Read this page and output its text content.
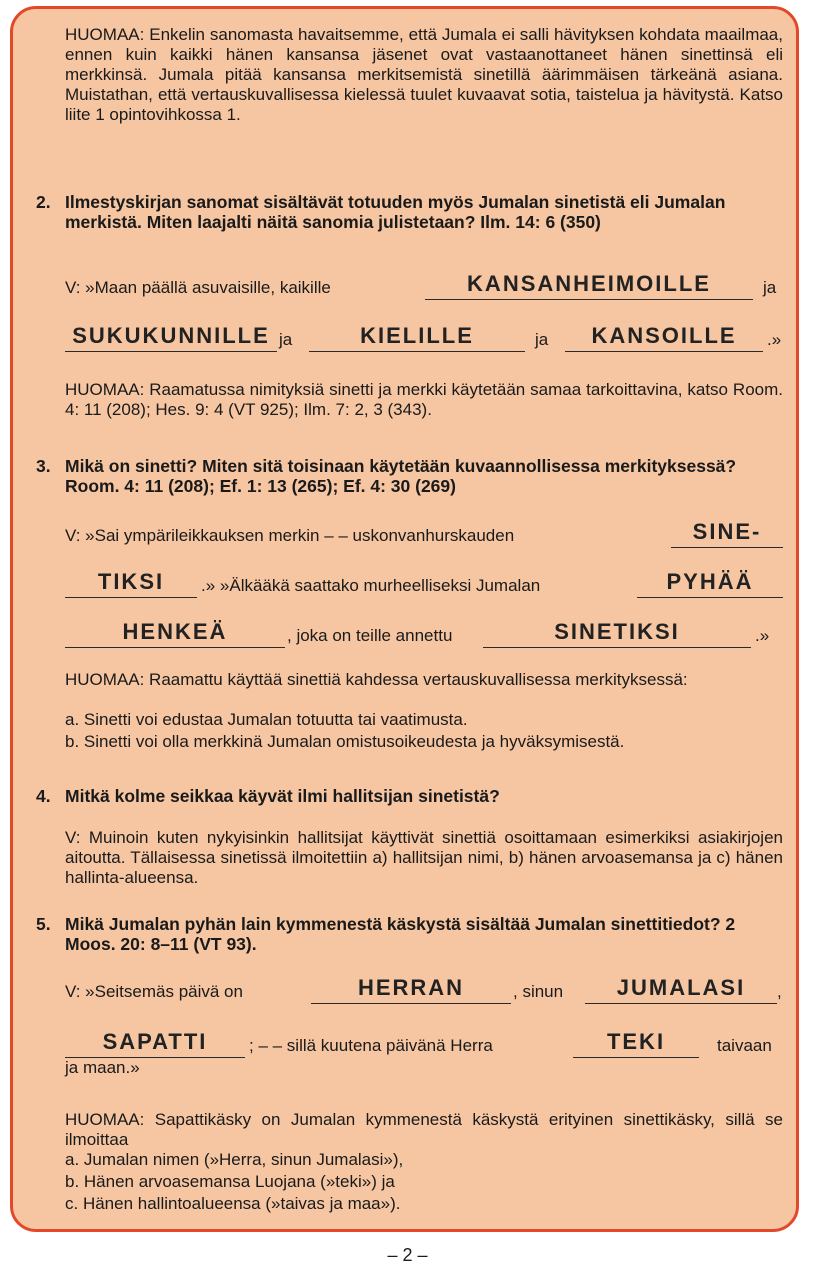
HUOMAA: Enkelin sanomasta havaitsemme, että Jumala ei salli hävityksen kohdata maailmaa, ennen kuin kaikki hänen kansansa jäsenet ovat vastaanottaneet hänen sinettinsä eli merkkinsä. Jumala pitää kansansa merkitsemistä sinetillä äärimmäisen tärkeänä asiana. Muistathan, että vertauskuvallisessa kielessä tuulet kuvaavat sotia, taistelua ja hävitystä. Katso liite 1 opintovihkossa 1.
2. Ilmestyskirjan sanomat sisältävät totuuden myös Jumalan sinetistä eli Jumalan merkistä. Miten laajalti näitä sanomia julistetaan? Ilm. 14: 6 (350)
V: »Maan päällä asuvaisille, kaikille	KANSANHEIMOILLE	ja
SUKUKUNNILLE ja	KIELILLE	ja	KANSOILLE	.»
HUOMAA: Raamatussa nimityksiä sinetti ja merkki käytetään samaa tarkoittavina, katso Room. 4: 11 (208); Hes. 9: 4 (VT 925); Ilm. 7: 2, 3 (343).
3. Mikä on sinetti? Miten sitä toisinaan käytetään kuvaannollisessa merkityksessä? Room. 4: 11 (208); Ef. 1: 13 (265); Ef. 4: 30 (269)
V: »Sai ympärileikkauksen merkin – – uskonvanhurskauden	SINE-
TIKSI	.» »Älkääkä saattako murheelliseksi Jumalan	PYHÄÄ
HENKEÄ	, joka on teille annettu	SINETIKSI	.»
HUOMAA: Raamattu käyttää sinettiä kahdessa vertauskuvallisessa merkityksessä:
a. Sinetti voi edustaa Jumalan totuutta tai vaatimusta.
b. Sinetti voi olla merkkinä Jumalan omistusoikeudesta ja hyväksymisestä.
4. Mitkä kolme seikkaa käyvät ilmi hallitsijan sinetistä?
V: Muinoin kuten nykyisinkin hallitsijat käyttivät sinettiä osoittamaan esimerkiksi asiakirjojen aitoutta. Tällaisessa sinetissä ilmoitettiin a) hallitsijan nimi, b) hänen arvoasemansa ja c) hänen hallinta-alueensa.
5. Mikä Jumalan pyhän lain kymmenestä käskystä sisältää Jumalan sinettitiedot? 2 Moos. 20: 8–11 (VT 93).
V: »Seitsemäs päivä on	HERRAN	, sinun	JUMALASI	,
SAPATTI	; – – sillä kuutena päivänä Herra	TEKI	taivaan
ja maan.»
HUOMAA: Sapattikäsky on Jumalan kymmenestä käskystä erityinen sinettikäsky, sillä se ilmoittaa
a. Jumalan nimen (»Herra, sinun Jumalasi»),
b. Hänen arvoasemansa Luojana (»teki») ja
c. Hänen hallintoalueensa (»taivas ja maa»).
– 2 –
